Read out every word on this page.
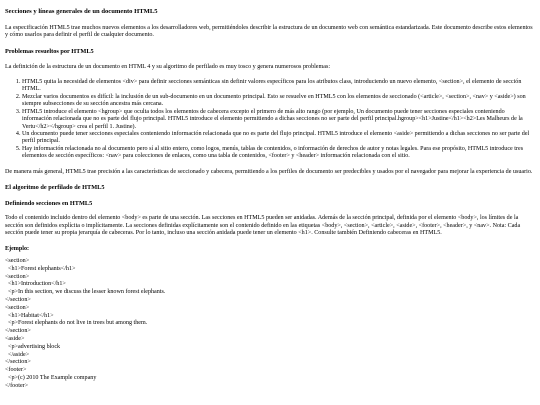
Secciones y líneas generales de un documento HTML5

La especificación HTML5 trae muchos nuevos elementos a los desarrolladores web, permitiéndoles describir la estructura de un documento web con semántica estandarizada. Este documento describe estos elementos y cómo usarlos para definir el perfil de cualquier documento.

Problemas resueltos por HTML5

La definición de la estructura de un documento en HTML 4 y su algoritmo de perfilado es muy tosco y genera numerosos problemas:

1. HTML5 quita la necesidad de elementos <div> para definir secciones semánticas sin definir valores específicos para los atributos class, introduciendo un nuevo elemento, <section>, el elemento de sección HTML.
2. Mezclar varios documentos es difícil: la inclusión de un sub-documento en un documento principal. Esto se resuelve en HTML5 con los elementos de seccionado (<article>, <section>, <nav> y <aside>) son siempre subsecciones de su sección ancestra más cercana.
3. HTML5 introduce el elemento <hgroup> que oculta todos los elementos de cabecera excepto el primero de más alto rango (por ejemplo, Un documento puede tener secciones especiales conteniendo información relacionada que no es parte del flujo principal. HTML5 introduce el elemento permitiendo a dichas secciones no ser parte del perfil principal.hgroup><h1>Justine</h1><h2>Les Malheurs de la Vertu</h2></hgroup> crea el perfil 1. Justine).
4. Un documento puede tener secciones especiales conteniendo información relacionada que no es parte del flujo principal. HTML5 introduce el elemento <aside> permitiendo a dichas secciones no ser parte del perfil principal.
5. Hay información relacionada no al documento pero sí al sitio entero, como logos, menús, tablas de contenidos, o información de derechos de autor y notas legales. Para ese propósito, HTML5 introduce tres elementos de sección específicos: <nav> para colecciones de enlaces, como una tabla de contenidos, <footer> y <header> información relacionada con el sitio.

De manera más general, HTML5 trae precisión a las características de seccionado y cabecera, permitiendo a los perfiles de documento ser predecibles y usados por el navegador para mejorar la experiencia de usuario.

El algoritmo de perfilado de HTML5
Definiendo secciones en HTML5

Todo el contenido incluido dentro del elemento <body> es parte de una sección. Las secciones en HTML5 pueden ser anidadas. Además de la sección principal, definida por el elemento <body>, los límites de la sección son definidos explícita o implícitamente. La secciones definidas explícitamente son el contenido definido en las etiquetas <body>, <section>, <article>, <aside>, <footer>, <header>, y <nav>. Nota: Cada sección puede tener su propia jerarquía de cabeceras. Por lo tanto, incluso una sección anidada puede tener un elemento <h1>. Consulte también Definiendo cabeceras en HTML5.

Ejemplo:
<section>
<h1>Forest elephants</h1>
<section>
<h1>Introduction</h1>
<p>In this section, we discuss the lesser known forest elephants.
</section>
<section>
<h1>Habitat</h1>
<p>Forest elephants do not live in trees but among them.
</section>
<aside>
<p>advertising block
</aside>
</section>
<footer>
<p>(c) 2010 The Example company
</footer>
